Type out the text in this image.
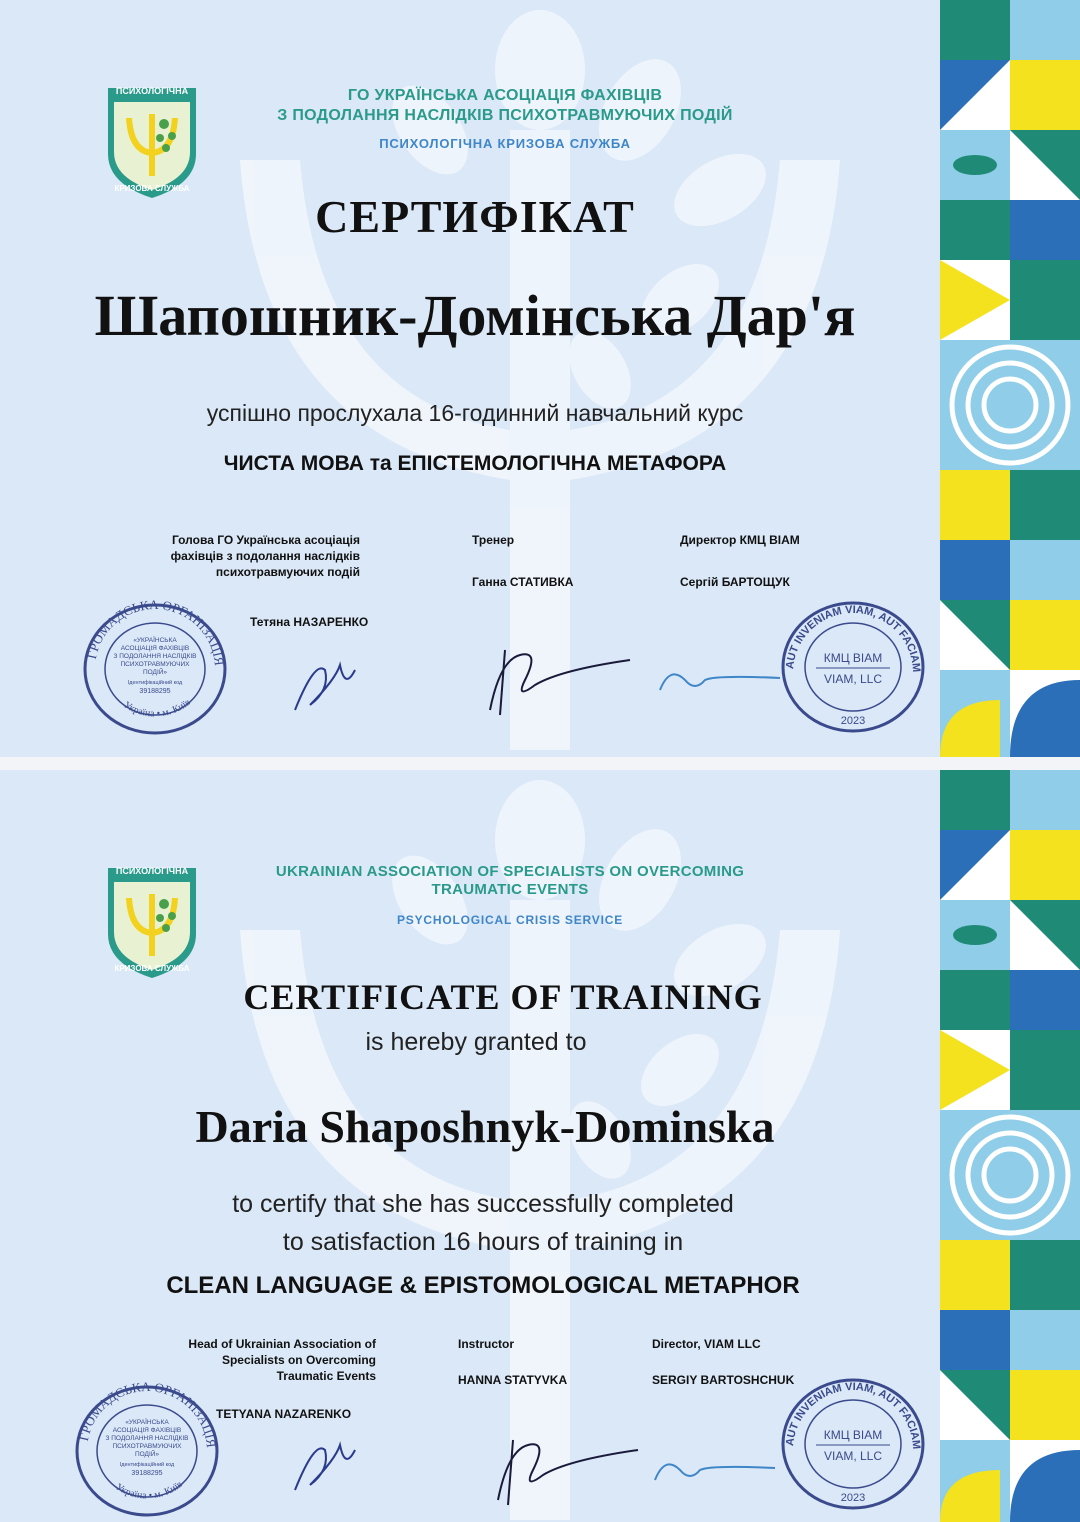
ПСИХОЛОГІЧНА
КРИЗОВА СЛУЖБА
ГО УКРАЇНСЬКА АСОЦІАЦІЯ ФАХІВЦІВ
З ПОДОЛАННЯ НАСЛІДКІВ ПСИХОТРАВМУЮЧИХ ПОДІЙ
ПСИХОЛОГІЧНА КРИЗОВА СЛУЖБА
СЕРТИФІКАТ
Шапошник-Домінська Дар'я
успішно прослухала 16-годинний навчальний курс
ЧИСТА МОВА та ЕПІСТЕМОЛОГІЧНА МЕТАФОРА
Голова ГО Українська асоціація
фахівців з подолання наслідків
психотравмуючих подій
Тетяна НАЗАРЕНКО
Тренер
Ганна СТАТИВКА
Директор КМЦ ВІАМ
Сергій БАРТОЩУК
ГРОМАДСЬКА ОРГАНІЗАЦІЯ
Україна • м. Київ
«УКРАЇНСЬКА
АСОЦІАЦІЯ ФАХІВЦІВ
З ПОДОЛАННЯ НАСЛІДКІВ
ПСИХОТРАВМУЮЧИХ
ПОДІЙ»
Ідентифікаційний код
39188295
AUT INVENIAM VIAM, AUT FACIAM
КМЦ ВІАМ
VIAM, LLC
2023
ПСИХОЛОГІЧНА
КРИЗОВА СЛУЖБА
UKRAINIAN ASSOCIATION OF SPECIALISTS ON OVERCOMING
TRAUMATIC EVENTS
PSYCHOLOGICAL CRISIS SERVICE
CERTIFICATE OF TRAINING
is hereby granted to
Daria Shaposhnyk-Dominska
to certify that she has successfully completed
to satisfaction 16 hours of training in
CLEAN LANGUAGE & EPISTOMOLOGICAL METAPHOR
Head of Ukrainian Association of
Specialists on Overcoming
Traumatic Events
TETYANA NAZARENKO
Instructor
HANNA STATYVKA
Director, VIAM LLC
SERGIY BARTOSHCHUK
ГРОМАДСЬКА ОРГАНІЗАЦІЯ
Україна • м. Київ
«УКРАЇНСЬКА
АСОЦІАЦІЯ ФАХІВЦІВ
З ПОДОЛАННЯ НАСЛІДКІВ
ПСИХОТРАВМУЮЧИХ
ПОДІЙ»
Ідентифікаційний код
39188295
AUT INVENIAM VIAM, AUT FACIAM
КМЦ ВІАМ
VIAM, LLC
2023
